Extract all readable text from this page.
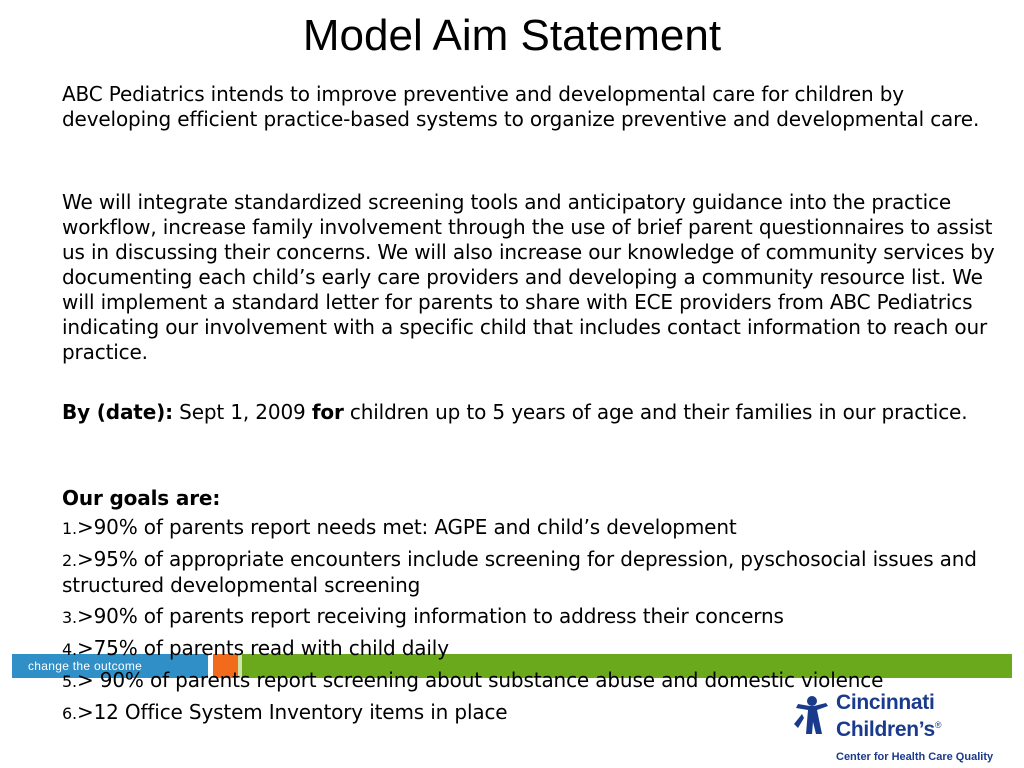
Model Aim Statement

ABC Pediatrics intends to improve preventive and developmental care for children by developing efficient practice-based systems to organize preventive and developmental care.

We will integrate standardized screening tools and anticipatory guidance into the practice workflow, increase family involvement through the use of brief parent questionnaires to assist us in discussing their concerns. We will also increase our knowledge of community services by documenting each child’s early care providers and developing a community resource list. We will implement a standard letter for parents to share with ECE providers from ABC Pediatrics indicating our involvement with a specific child that includes contact information to reach our practice.

By (date): Sept 1, 2009 for children up to 5 years of age and their families in our practice.

Our goals are:

change the outcome
1.>90% of parents report needs met: AGPE and child’s development
2.>95% of appropriate encounters include screening for depression, pyschosocial issues and structured developmental screening
3.>90% of parents report receiving information to address their concerns
4.>75% of parents read with child daily
5.> 90% of parents report screening about substance abuse and domestic violence
6.>12 Office System Inventory items in place	Cincinnati
Children’s®
Center for Health Care Quality
